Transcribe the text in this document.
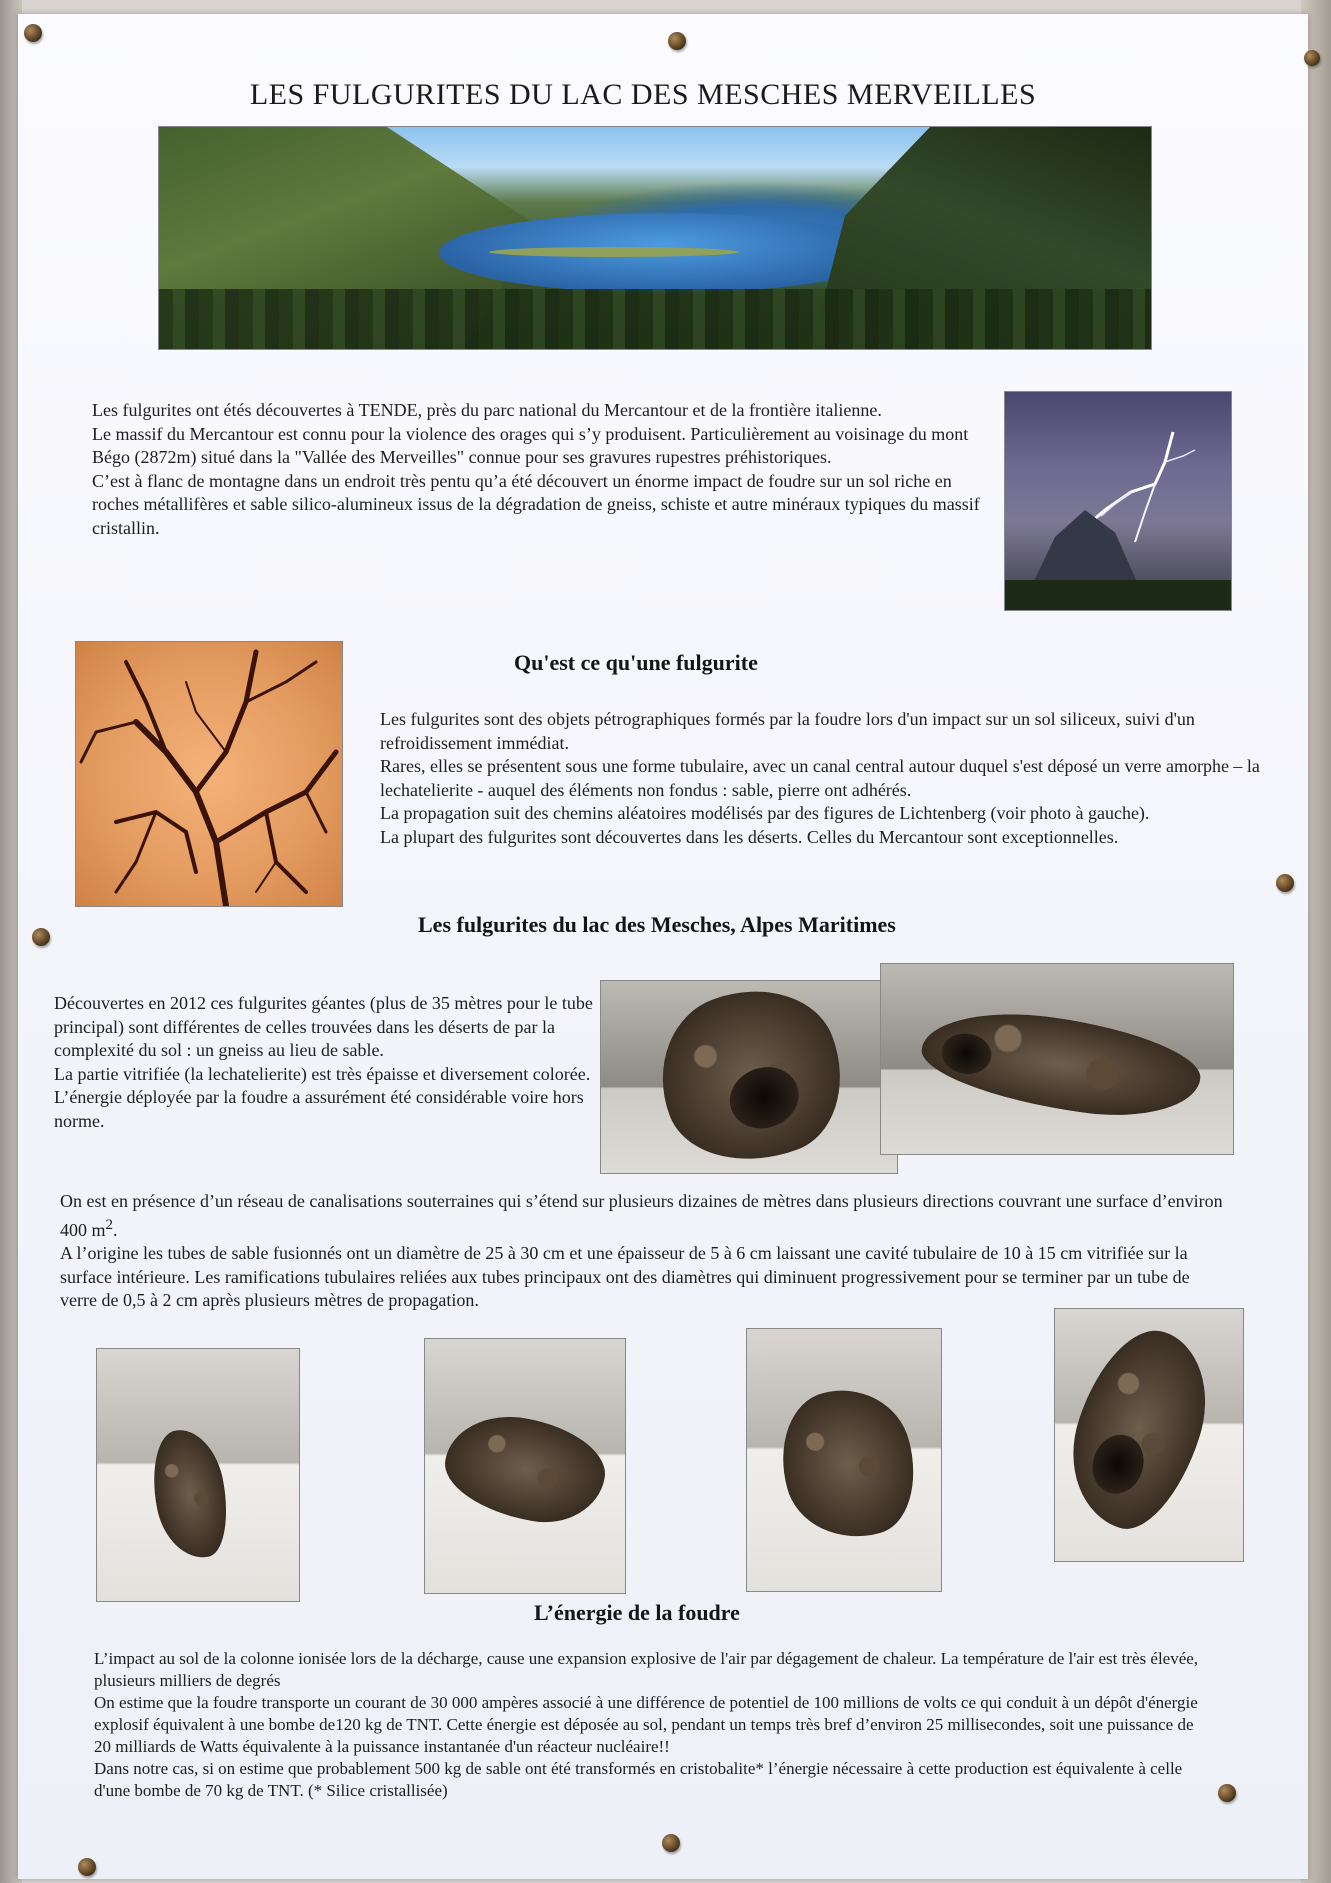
LES FULGURITES DU LAC DES MESCHES MERVEILLES

Les fulgurites ont étés découvertes à TENDE, près du parc national du Mercantour et de la frontière italienne.

Le massif du Mercantour est connu pour la violence des orages qui s’y produisent. Particulièrement au voisinage du mont Bégo (2872m) situé dans la "Vallée des Merveilles" connue pour ses gravures rupestres préhistoriques.

C’est à flanc de montagne dans un endroit très pentu qu’a été découvert un énorme impact de foudre sur un sol riche en roches métallifères et sable silico-alumineux issus de la dégradation de gneiss, schiste et autre minéraux typiques du massif cristallin.

Qu'est ce qu'une fulgurite

Les fulgurites sont des objets pétrographiques formés par la foudre lors d'un impact sur un sol siliceux, suivi d'un refroidissement immédiat.

Rares, elles se présentent sous une forme tubulaire, avec un canal central autour duquel s'est déposé un verre amorphe – la lechatelierite - auquel des éléments non fondus : sable, pierre ont adhérés.

La propagation suit des chemins aléatoires modélisés par des figures de Lichtenberg (voir photo à gauche).

La plupart des fulgurites sont découvertes dans les déserts. Celles du Mercantour sont exceptionnelles.

Les fulgurites du lac des Mesches, Alpes Maritimes

Découvertes en 2012 ces fulgurites géantes (plus de 35 mètres pour le tube principal) sont différentes de celles trouvées dans les déserts de par la complexité du sol : un gneiss au lieu de sable.

La partie vitrifiée (la lechatelierite) est très épaisse et diversement colorée.

L’énergie déployée par la foudre a assurément été considérable voire hors norme.

On est en présence d’un réseau de canalisations souterraines qui s’étend sur plusieurs dizaines de mètres dans plusieurs directions couvrant une surface d’environ 400 $m^2$.

A l’origine les tubes de sable fusionnés ont un diamètre de 25 à 30 cm et une épaisseur de 5 à 6 cm laissant une cavité tubulaire de 10 à 15 cm vitrifiée sur la surface intérieure. Les ramifications tubulaires reliées aux tubes principaux ont des diamètres qui diminuent progressivement pour se terminer par un tube de verre de 0,5 à 2 cm après plusieurs mètres de propagation.

L’énergie de la foudre

L’impact au sol de la colonne ionisée lors de la décharge, cause une expansion explosive de l'air par dégagement de chaleur. La température de l'air est très élevée, plusieurs milliers de degrés

On estime que la foudre transporte un courant de 30 000 ampères associé à une différence de potentiel de 100 millions de volts ce qui conduit à un dépôt d'énergie explosif équivalent à une bombe de120 kg de TNT. Cette énergie est déposée au sol, pendant un temps très bref d’environ 25 millisecondes, soit une puissance de 20 milliards de Watts équivalente à la puissance instantanée d'un réacteur nucléaire!!

Dans notre cas, si on estime que probablement 500 kg de sable ont été transformés en cristobalite* l’énergie nécessaire à cette production est équivalente à celle d'une bombe de 70 kg de TNT. (* Silice cristallisée)
